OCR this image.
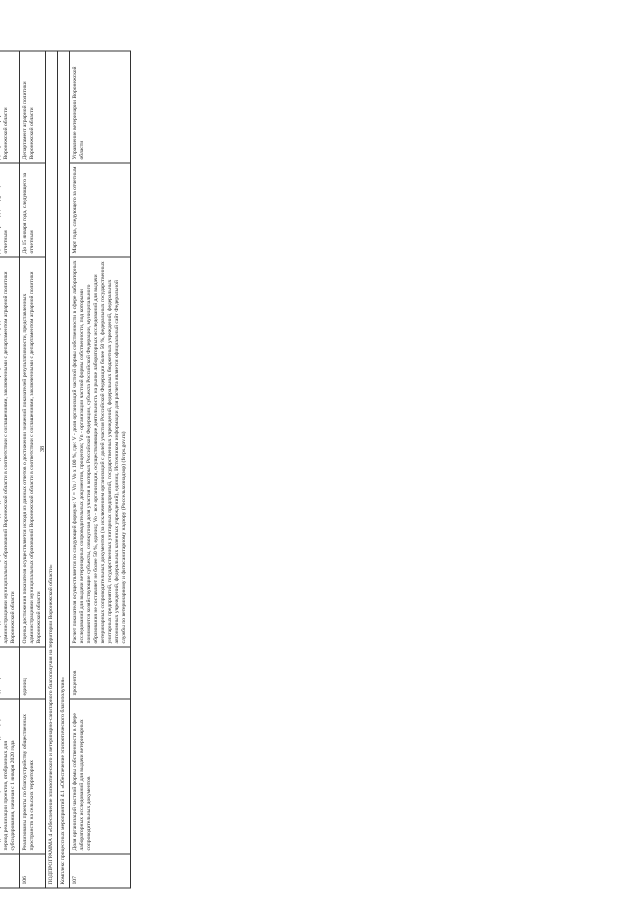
38

	период реализации проектов, отобранных для субсидирования, начиная с 1 января 2020 года		администрациями муниципальных образований Воронежской области в соответствии с соглашениями, заключенными с департаментом аграрной политики Воронежской области	отчетным	Воронежской области
106	Реализованы проекты по благоустройству общественных пространств на сельских территориях	единиц	Оценка достижения показателя осуществляется исходя из данных отчетов о достижении значений показателей результативности, представленных администрациями муниципальных образований Воронежской области в соответствии с соглашениями, заключенными с департаментом аграрной политики Воронежской области	До 15 января года, следующего за отчетным	Департамент аграрной политики Воронежской области
ПОДПРОГРАММА 4 «Обеспечение эпизоотического и ветеринарно-санитарного благополучия на территории Воронежской области»					
Комплекс процессных мероприятий 4.1 «Обеспечение эпизоотического благополучия»					
107	Доля организаций частной формы собственности в сфере лабораторных исследований для выдачи ветеринарных сопроводительных документов	процентов	Расчет показателя осуществляется по следующей формуле: V = Vn / Vo x 100 %, где: V - доля организаций частной формы собственности в сфере лабораторных исследований для выдачи ветеринарных сопроводительных документов, процентов; Vn - организации частной формы собственности, под которыми понимаются хозяйствующие субъекты, совокупная доля участия в которых Российской Федерации, субъекта Российской Федерации, муниципального образования не составляет не более 50 %, единиц; Vo - все организации, осуществляющие деятельность на рынке лабораторных исследований для выдачи ветеринарных сопроводительных документов (за исключением организаций с долей участия Российской Федерации более 50 %, федеральных государственных унитарных предприятий, государственных унитарных предприятий, государственных учреждений, федеральных бюджетных учреждений, федеральных автономных учреждений, федеральных казенных учреждений), единиц. Источником информации для расчета является официальный сайт Федеральной службы по ветеринарному и фитосанитарному надзору (Россельхознадзор) (fsvps.gov.ru)	Март года, следующего за отчетным	Управление ветеринарии Воронежской области
